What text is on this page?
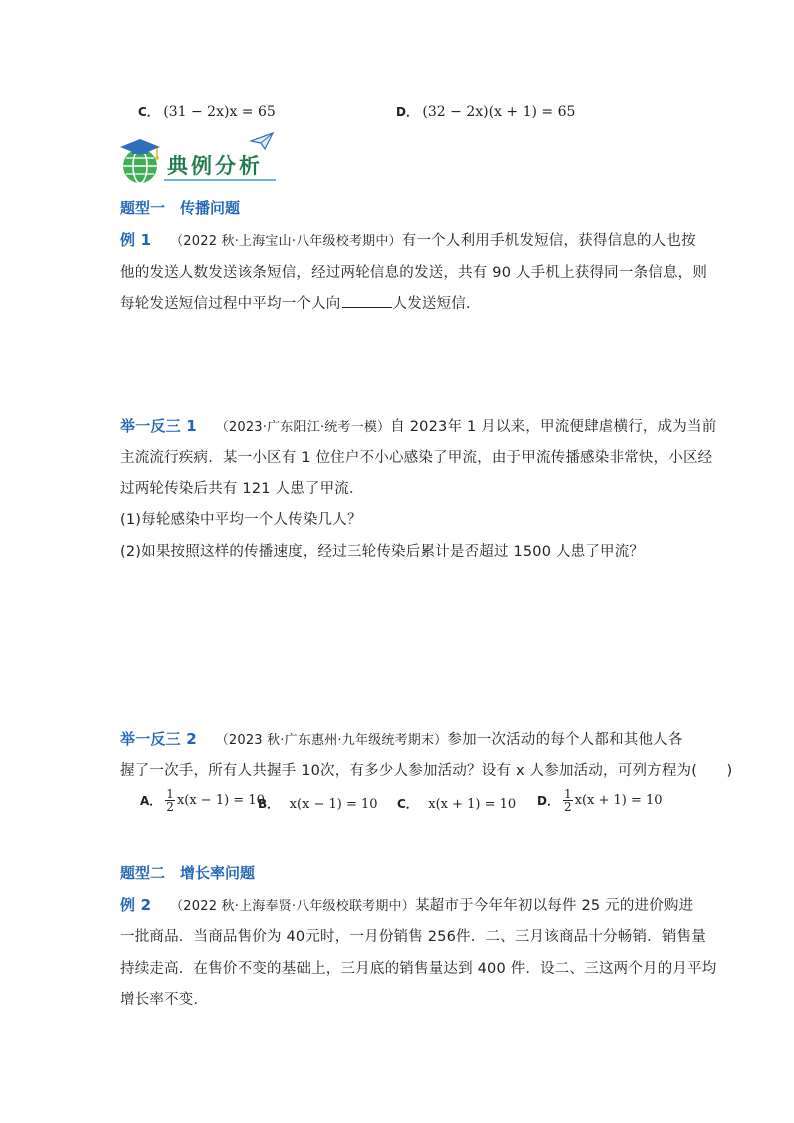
C． (31 − 2x)x = 65	D． (32 − 2x)(x + 1) = 65
典例分析
题型一　传播问题
例 1 （2022 秋·上海宝山·八年级校考期中）有一个人利用手机发短信，获得信息的人也按
他的发送人数发送该条短信，经过两轮信息的发送，共有 90 人手机上获得同一条信息，则
每轮发送短信过程中平均一个人向	人发送短信．
举一反三 1 （2023·广东阳江·统考一模）自 2023年 1 月以来，甲流便肆虐横行，成为当前
主流流行疾病．某一小区有 1 位住户不小心感染了甲流，由于甲流传播感染非常快，小区经
过两轮传染后共有 121 人患了甲流．
(1)每轮感染中平均一个人传染几人？
(2)如果按照这样的传播速度，经过三轮传染后累计是否超过 1500 人患了甲流？
举一反三 2 （2023 秋·广东惠州·九年级统考期末）参加一次活动的每个人都和其他人各
握了一次手，所有人共握手 10次，有多少人参加活动？设有 x 人参加活动，可列方程为(　　)
A． $\frac{1}{2} x(x - 1) = 10$
B． x(x − 1) = 10 C． x(x + 1) = 10 D． $\frac{1}{2} x(x + 1) = 10$
题型二　增长率问题
例 2 （2022 秋·上海奉贤·八年级校联考期中）某超市于今年年初以每件 25 元的进价购进
一批商品．当商品售价为 40元时，一月份销售 256件．二、三月该商品十分畅销．销售量
持续走高．在售价不变的基础上，三月底的销售量达到 400 件．设二、三这两个月的月平均
增长率不变．
